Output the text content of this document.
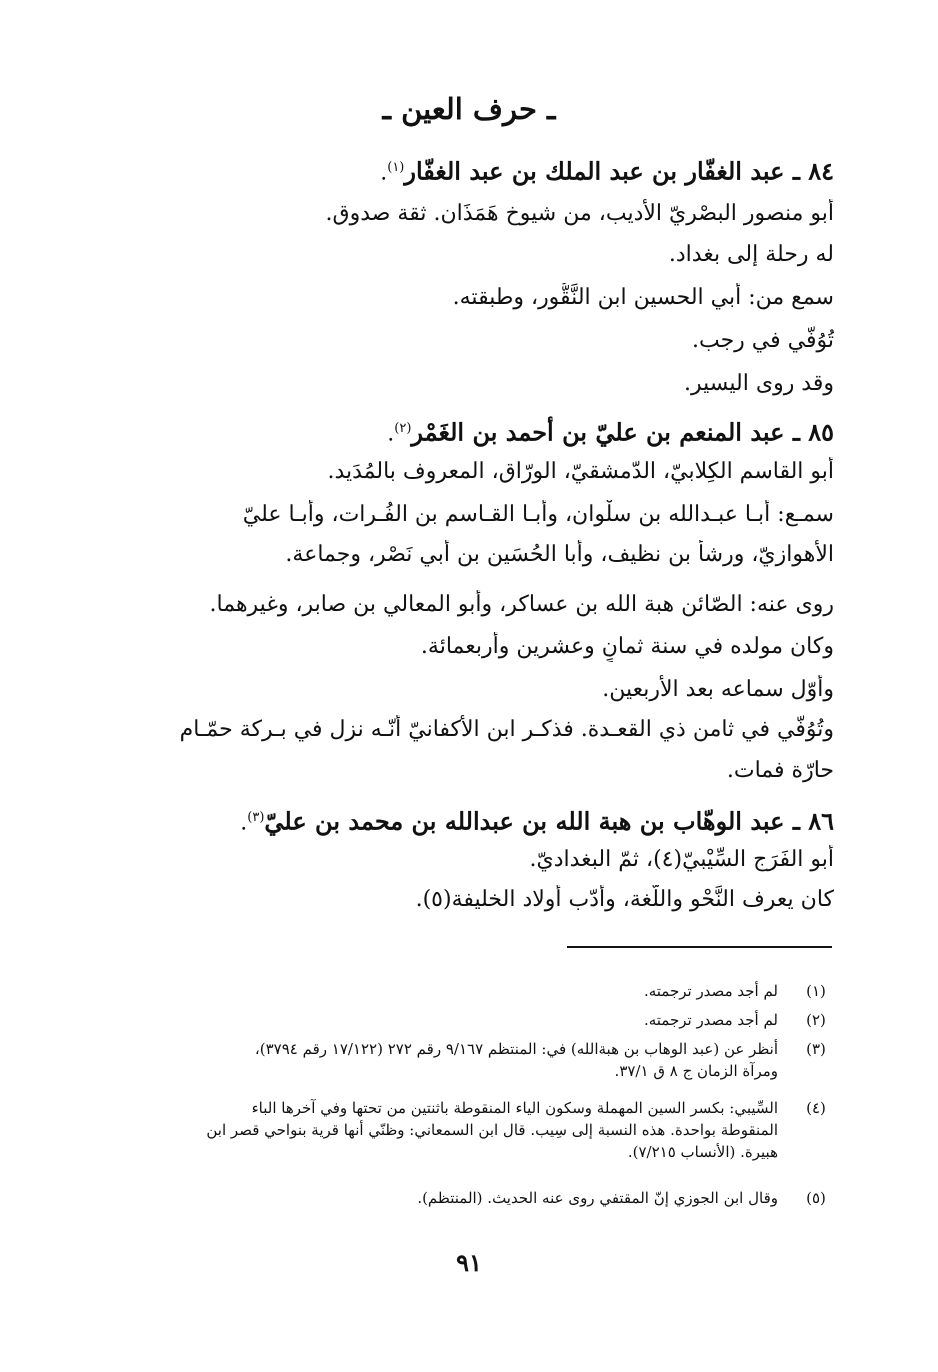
ـ حرف العين ـ
٨٤ ـ عبد الغفّار بن عبد الملك بن عبد الغفّار$^{(١)}$.
أبو منصور البصْريّ الأديب، من شيوخ هَمَذَان. ثقة صدوق.
له رحلة إلى بغداد.
سمع من: أبي الحسين ابن النَّقُّور، وطبقته.
تُوُفّي في رجب.
وقد روى اليسير.
٨٥ ـ عبد المنعم بن عليّ بن أحمد بن الغَمْر$^{(٢)}$.
أبو القاسم الكِلابيّ، الدّمشقيّ، الورّاق، المعروف بالمُدَيد.
سمـع: أبـا عبـدالله بن سلْوان، وأبـا القـاسم بن الفُـرات، وأبـا عليّ
الأهوازيّ، ورشأ بن نظيف، وأبا الحُسَين بن أبي نَصْر، وجماعة.
روى عنه: الصّائن هبة الله بن عساكر، وأبو المعالي بن صابر، وغيرهما.
وكان مولده في سنة ثمانٍ وعشرين وأربعمائة.
وأوّل سماعه بعد الأربعين.
وتُوُفّي في ثامن ذي القعـدة. فذكـر ابن الأكفانيّ أنّـه نزل في بـركة حمّـام
حارّة فمات.
٨٦ ـ عبد الوهّاب بن هبة الله بن عبدالله بن محمد بن عليّ$^{(٣)}$.
أبو الفَرَج السِّيْبيّ(٤)، ثمّ البغداديّ.
كان يعرف النَّحْو واللّغة، وأدّب أولاد الخليفة(٥).
(١)
لم أجد مصدر ترجمته.
(٢)
لم أجد مصدر ترجمته.
(٣)
أنظر عن (عبد الوهاب بن هبةالله) في: المنتظم ٩/١٦٧ رقم ٢٧٢ (١٧/١٢٢ رقم ٣٧٩٤)،
ومرآة الزمان ج ٨ ق ٣٧/١.
(٤)
السِّيبي: بكسر السين المهملة وسكون الياء المنقوطة باثنتين من تحتها وفي آخرها الباء
المنقوطة بواحدة. هذه النسبة إلى سِيب. قال ابن السمعاني: وظنّي أنها قرية بنواحي قصر ابن
هبيرة. (الأنساب ٧/٢١٥).
(٥)
وقال ابن الجوزي إنّ المقتفي روى عنه الحديث. (المنتظم).
٩١
